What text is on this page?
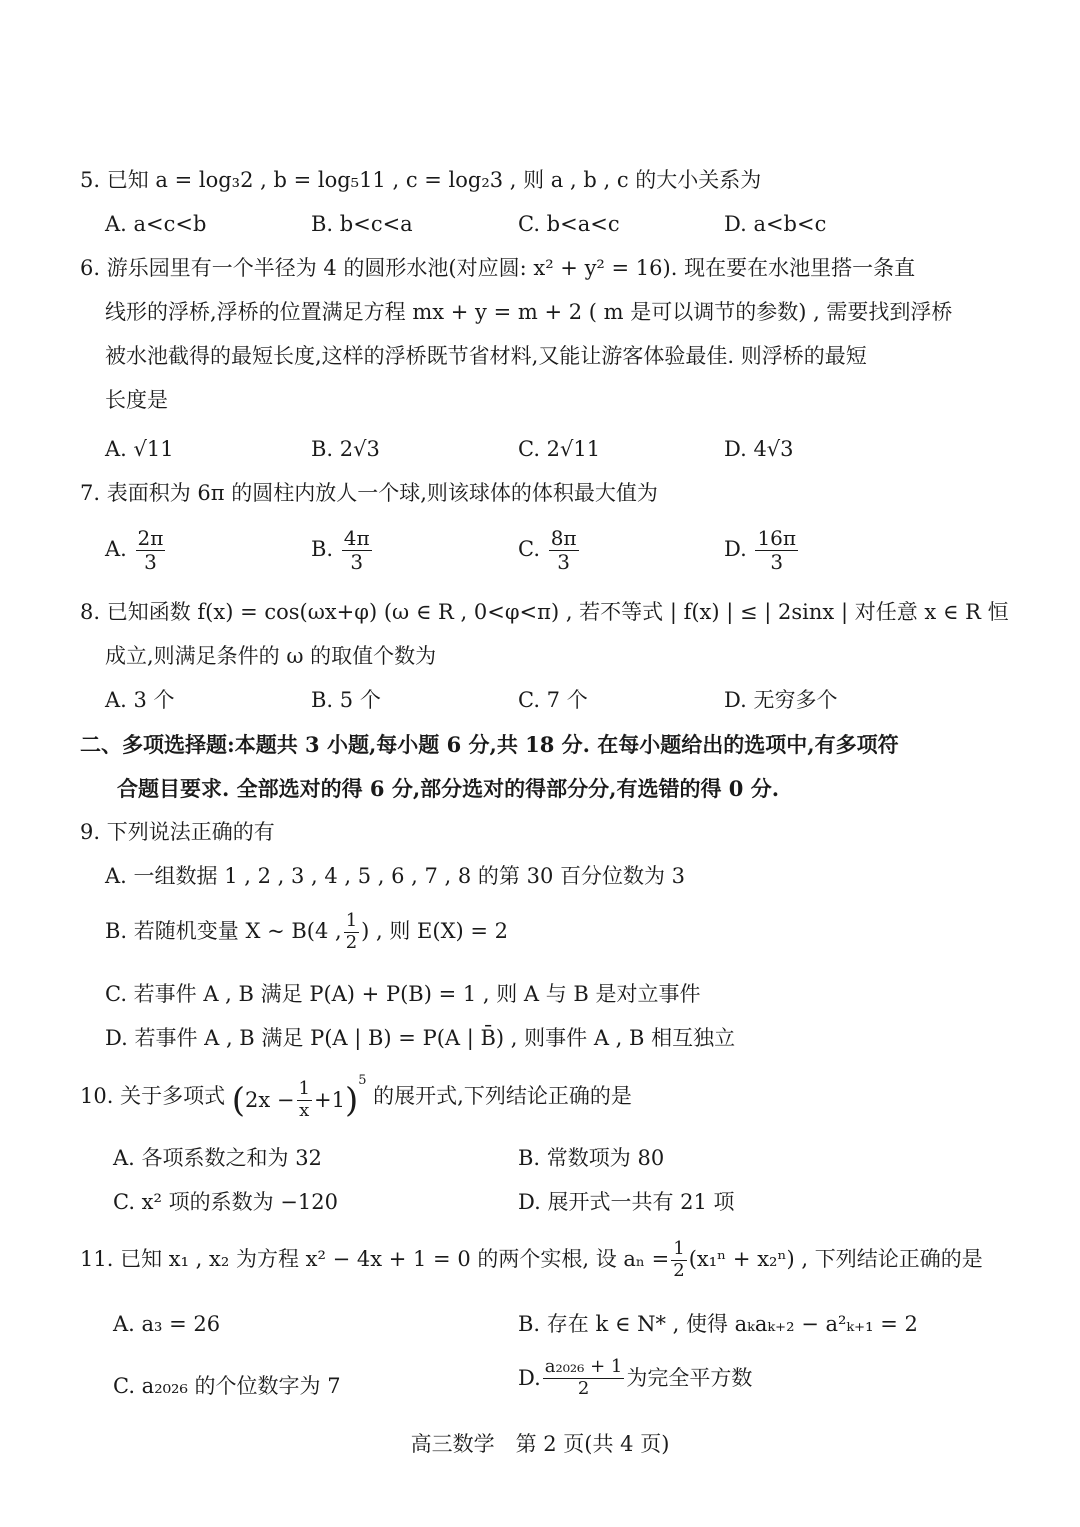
5. 已知 a = log₃2 , b = log₅11 , c = log₂3 , 则 a , b , c 的大小关系为
A. a<c<b	B. b<c<a	C. b<a<c	D. a<b<c
6. 游乐园里有一个半径为 4 的圆形水池(对应圆: x² + y² = 16). 现在要在水池里搭一条直
线形的浮桥,浮桥的位置满足方程 mx + y = m + 2 ( m 是可以调节的参数) , 需要找到浮桥
被水池截得的最短长度,这样的浮桥既节省材料,又能让游客体验最佳. 则浮桥的最短
长度是
A. √11	B. 2√3	C. 2√11	D. 4√3
7. 表面积为 6π 的圆柱内放人一个球,则该球体的体积最大值为
A. $\frac{2\pi}{3}$	B. $\frac{4\pi}{3}$	C. $\frac{8\pi}{3}$	D. $\frac{16\pi}{3}$
8. 已知函数 f(x) = cos(ωx+φ) (ω ∈ R , 0<φ<π) , 若不等式 | f(x) | ≤ | 2sinx | 对任意 x ∈ R 恒
成立,则满足条件的 ω 的取值个数为
A. 3 个	B. 5 个	C. 7 个	D. 无穷多个
二、多项选择题:本题共 3 小题,每小题 6 分,共 18 分. 在每小题给出的选项中,有多项符
合题目要求. 全部选对的得 6 分,部分选对的得部分分,有选错的得 0 分.
9. 下列说法正确的有
A. 一组数据 1 , 2 , 3 , 4 , 5 , 6 , 7 , 8 的第 30 百分位数为 3
B. 若随机变量 X ~ B(4 , $\frac{1}{2}$ ) , 则 E(X) = 2
C. 若事件 A , B 满足 P(A) + P(B) = 1 , 则 A 与 B 是对立事件
D. 若事件 A , B 满足 P(A | B) = P(A | B̄) , 则事件 A , B 相互独立
10. 关于多项式 $(2x - \frac{1}{x} +1)^5$ 的展开式,下列结论正确的是
A. 各项系数之和为 32	B. 常数项为 80
C. x² 项的系数为 −120	D. 展开式一共有 21 项
11. 已知 x₁ , x₂ 为方程 x² − 4x + 1 = 0 的两个实根, 设 $a_n = \frac{1}{2} (x_1^n + x_2^n)$ , 下列结论正确的是
A. a₃ = 26	B. 存在 k ∈ N* , 使得 aₖaₖ₊₂ − a²ₖ₊₁ = 2
C. a₂₀₂₆ 的个位数字为 7	D. $\frac{\text{a₂₀₂₆ + 1}}{2}$ 为完全平方数
高三数学　第 2 页(共 4 页)
